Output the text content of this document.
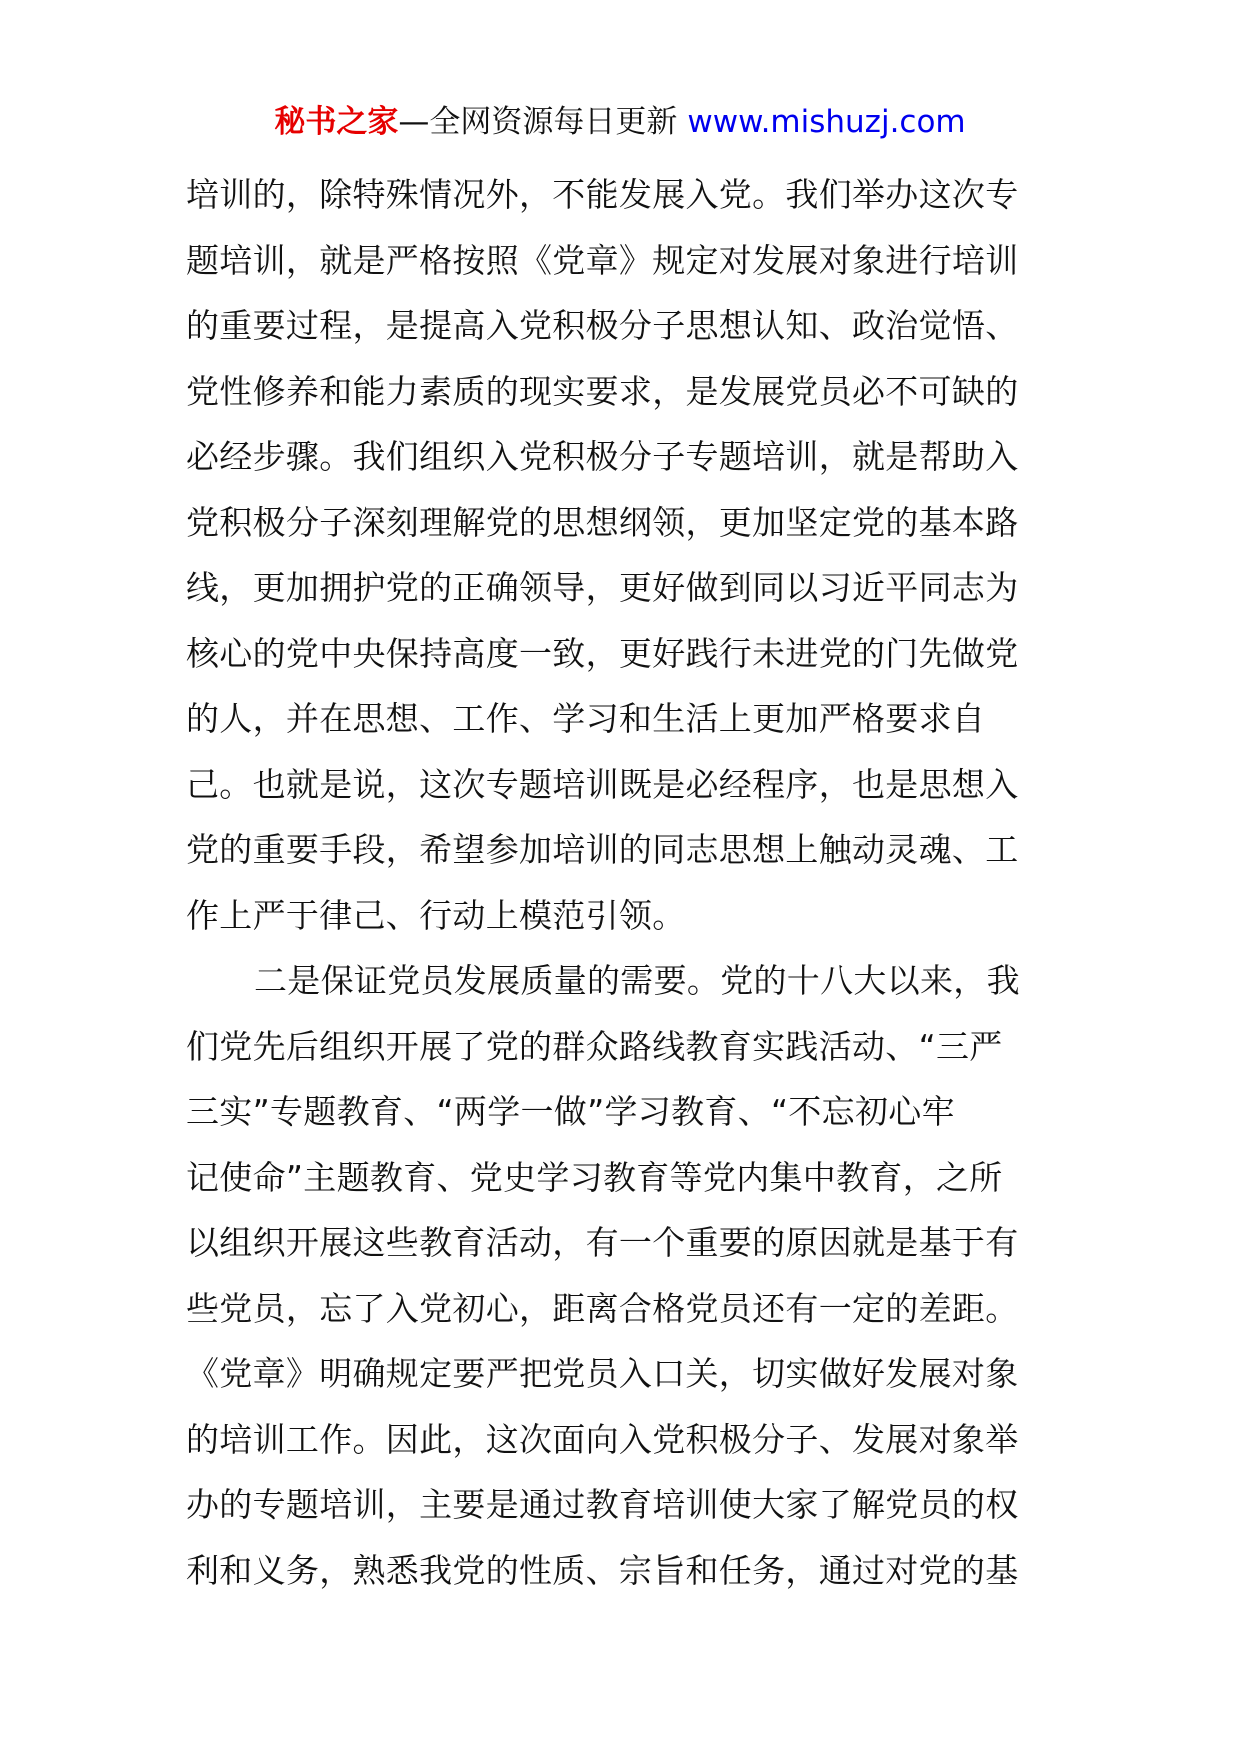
秘书之家—全网资源每日更新 www.mishuzj.com
培训的，除特殊情况外，不能发展入党。我们举办这次专
题培训，就是严格按照《党章》规定对发展对象进行培训
的重要过程，是提高入党积极分子思想认知、政治觉悟、
党性修养和能力素质的现实要求，是发展党员必不可缺的
必经步骤。我们组织入党积极分子专题培训，就是帮助入
党积极分子深刻理解党的思想纲领，更加坚定党的基本路
线，更加拥护党的正确领导，更好做到同以习近平同志为
核心的党中央保持高度一致，更好践行未进党的门先做党
的人，并在思想、工作、学习和生活上更加严格要求自
己。也就是说，这次专题培训既是必经程序，也是思想入
党的重要手段，希望参加培训的同志思想上触动灵魂、工
作上严于律己、行动上模范引领。
二是保证党员发展质量的需要。党的十八大以来，我
们党先后组织开展了党的群众路线教育实践活动、“三严
三实”专题教育、“两学一做”学习教育、“不忘初心牢
记使命”主题教育、党史学习教育等党内集中教育，之所
以组织开展这些教育活动，有一个重要的原因就是基于有
些党员，忘了入党初心，距离合格党员还有一定的差距。
《党章》明确规定要严把党员入口关，切实做好发展对象
的培训工作。因此，这次面向入党积极分子、发展对象举
办的专题培训，主要是通过教育培训使大家了解党员的权
利和义务，熟悉我党的性质、宗旨和任务，通过对党的基
